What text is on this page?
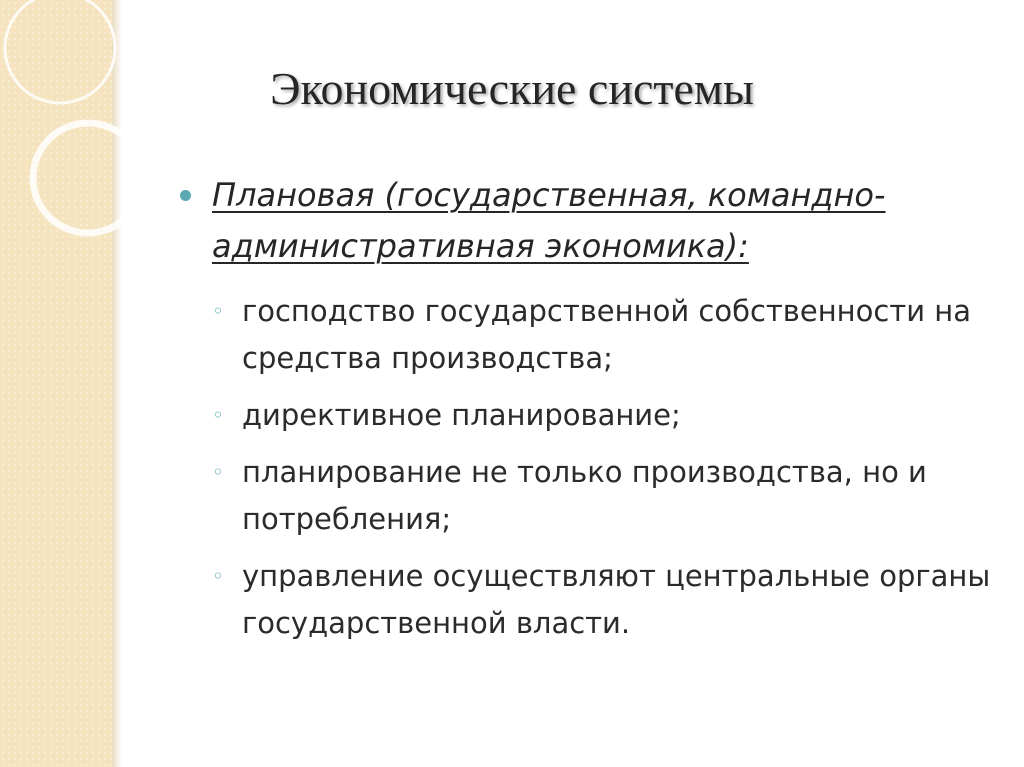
Экономические системы
Плановая (государственная, командно-административная экономика):
◦ господство государственной собственности на средства производства;
◦ директивное планирование;
◦ планирование не только производства, но и потребления;
◦ управление осуществляют центральные органы государственной власти.
